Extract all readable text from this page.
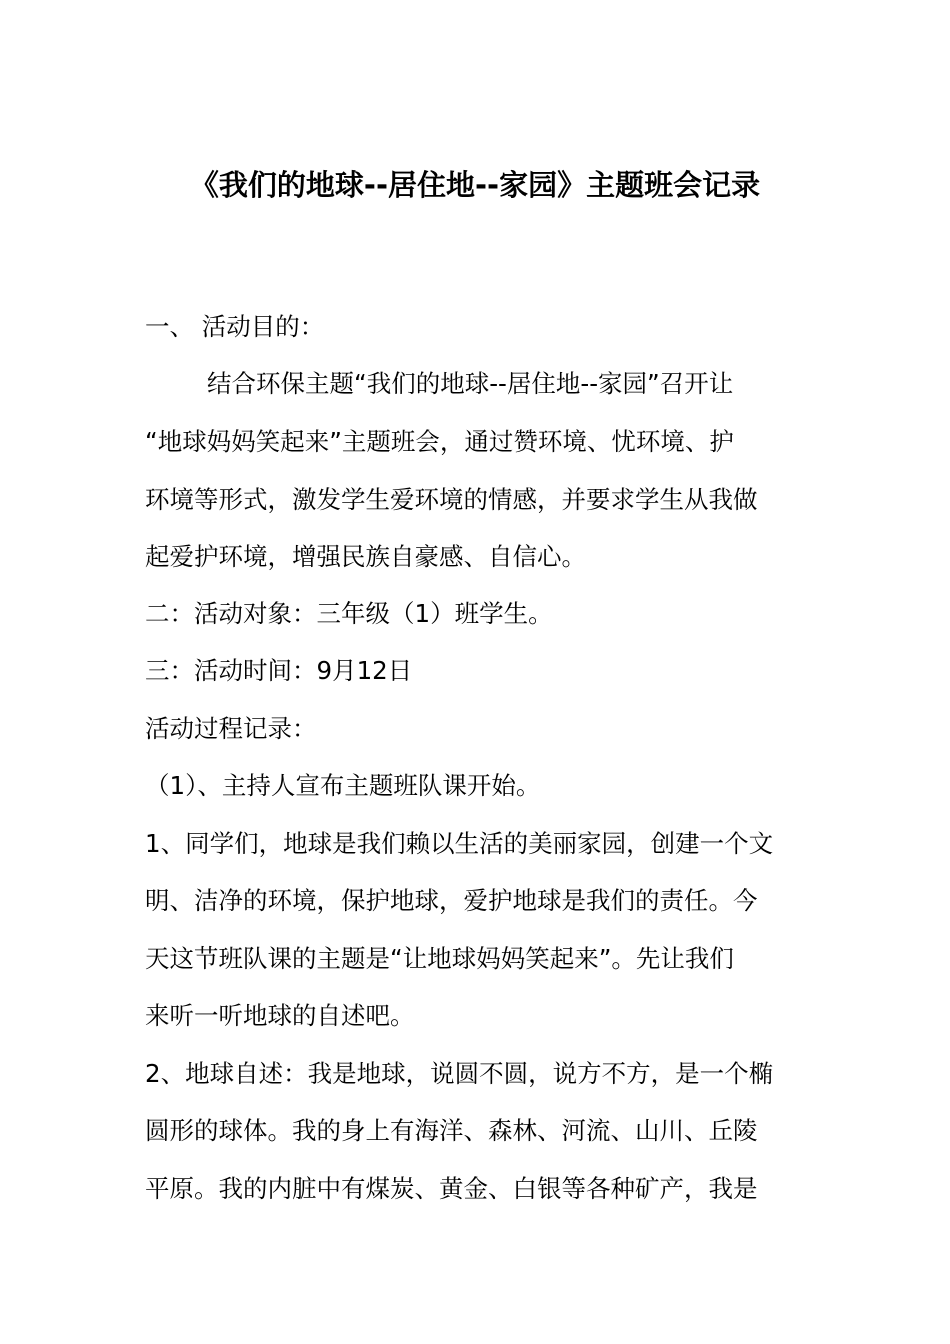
《我们的地球--居住地--家园》主题班会记录
一、 活动目的：
结合环保主题“我们的地球--居住地--家园”召开让
“地球妈妈笑起来”主题班会，通过赞环境、忧环境、护
环境等形式，激发学生爱环境的情感，并要求学生从我做
起爱护环境，增强民族自豪感、自信心。
二：活动对象：三年级（1）班学生。
三：活动时间：9月12日
活动过程记录：
（1）、主持人宣布主题班队课开始。
1、同学们，地球是我们赖以生活的美丽家园，创建一个文
明、洁净的环境，保护地球，爱护地球是我们的责任。今
天这节班队课的主题是“让地球妈妈笑起来”。先让我们
来听一听地球的自述吧。
2、地球自述：我是地球，说圆不圆，说方不方，是一个椭
圆形的球体。我的身上有海洋、森林、河流、山川、丘陵
平原。我的内脏中有煤炭、黄金、白银等各种矿产，我是
